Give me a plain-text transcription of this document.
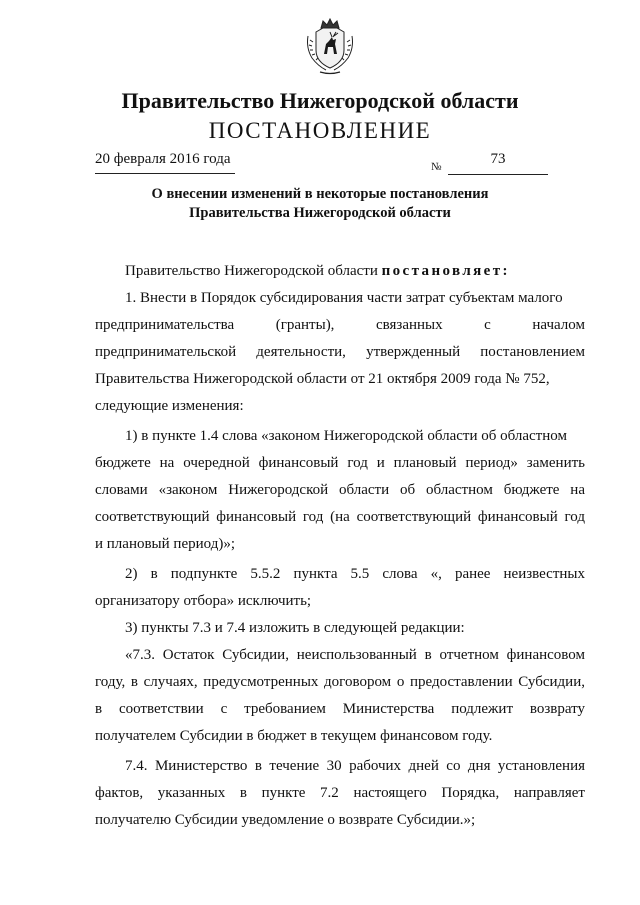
Правительство Нижегородской области
ПОСТАНОВЛЕНИЕ
20 февраля 2016 года	№	73
О внесении изменений в некоторые постановления
Правительства Нижегородской области
Правительство Нижегородской области постановляет:
1. Внести в Порядок субсидирования части затрат субъектам малого
предпринимательства (гранты), связанных с началом
предпринимательской деятельности, утвержденный постановлением
Правительства Нижегородской области от 21 октября 2009 года № 752,
следующие изменения:
1) в пункте 1.4 слова «законом Нижегородской области об областном
бюджете на очередной финансовый год и плановый период» заменить
словами «законом Нижегородской области об областном бюджете на
соответствующий финансовый год (на соответствующий финансовый год
и плановый период)»;
2) в подпункте 5.5.2 пункта 5.5 слова «, ранее неизвестных
организатору отбора» исключить;
3) пункты 7.3 и 7.4 изложить в следующей редакции:
«7.3. Остаток Субсидии, неиспользованный в отчетном финансовом
году, в случаях, предусмотренных договором о предоставлении Субсидии,
в соответствии с требованием Министерства подлежит возврату
получателем Субсидии в бюджет в текущем финансовом году.
7.4. Министерство в течение 30 рабочих дней со дня установления
фактов, указанных в пункте 7.2 настоящего Порядка, направляет
получателю Субсидии уведомление о возврате Субсидии.»;
